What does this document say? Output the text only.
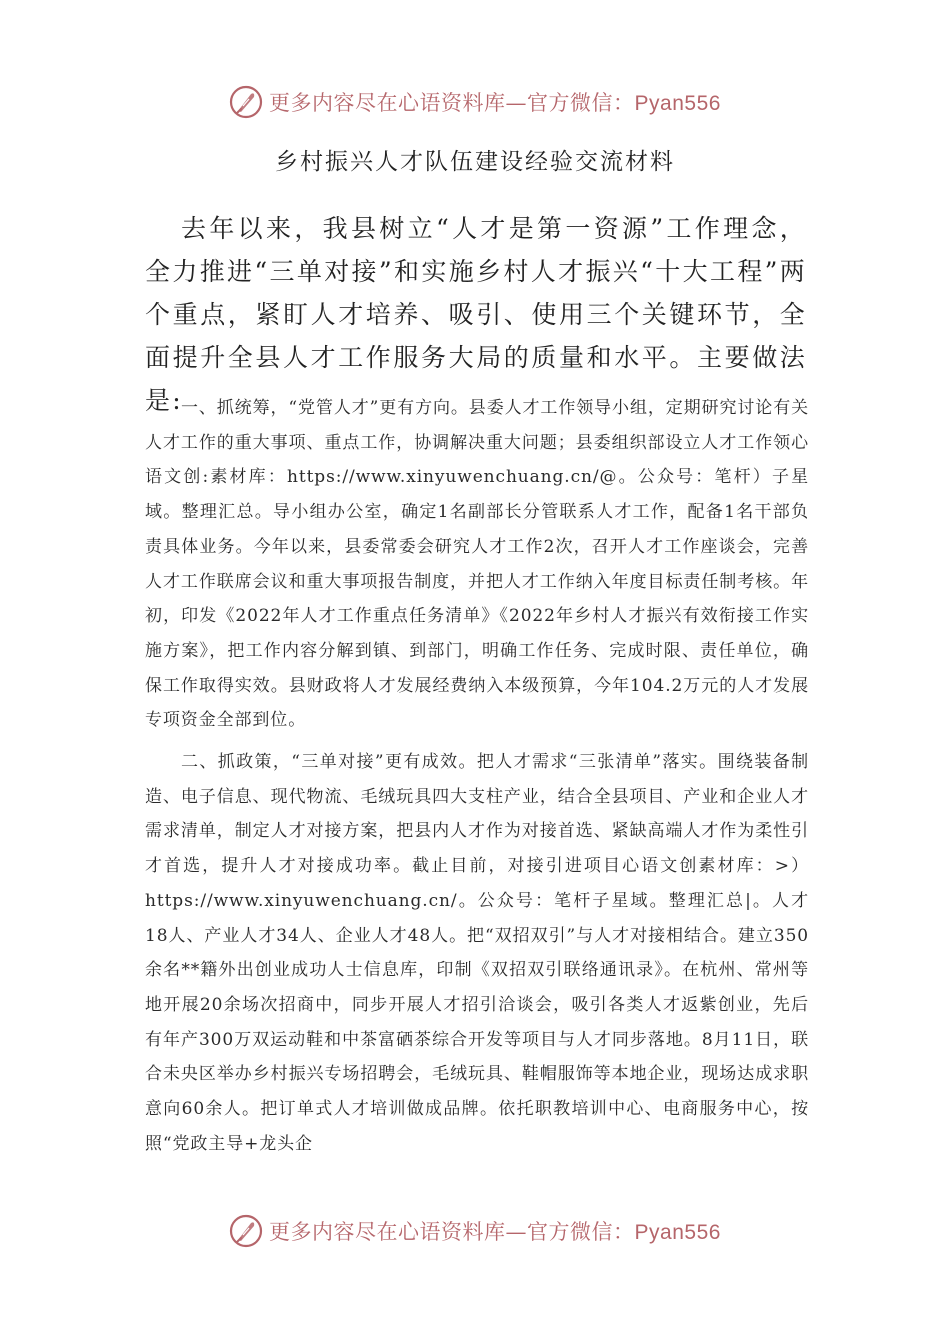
更多内容尽在心语资料库—官方微信：Pyan556
乡村振兴人才队伍建设经验交流材料

去年以来，我县树立“人才是第一资源”工作理念，全力推进“三单对接”和实施乡村人才振兴“十大工程”两个重点，紧盯人才培养、吸引、使用三个关键环节，全面提升全县人才工作服务大局的质量和水平。主要做法是:

一、抓统筹，“党管人才”更有方向。县委人才工作领导小组，定期研究讨论有关人才工作的重大事项、重点工作，协调解决重大问题；县委组织部设立人才工作领心语文创:素材库：https://www.xinyuwenchuang.cn/@。公众号：笔杆）子星域。整理汇总。导小组办公室，确定1名副部长分管联系人才工作，配备1名干部负责具体业务。今年以来，县委常委会研究人才工作2次，召开人才工作座谈会，完善人才工作联席会议和重大事项报告制度，并把人才工作纳入年度目标责任制考核。年初，印发《2022年人才工作重点任务清单》《2022年乡村人才振兴有效衔接工作实施方案》，把工作内容分解到镇、到部门，明确工作任务、完成时限、责任单位，确保工作取得实效。县财政将人才发展经费纳入本级预算，今年104.2万元的人才发展专项资金全部到位。

二、抓政策，“三单对接”更有成效。把人才需求“三张清单”落实。围绕装备制造、电子信息、现代物流、毛绒玩具四大支柱产业，结合全县项目、产业和企业人才需求清单，制定人才对接方案，把县内人才作为对接首选、紧缺高端人才作为柔性引才首选，提升人才对接成功率。截止目前，对接引进项目心语文创素材库：>）https://www.xinyuwenchuang.cn/。公众号：笔杆子星域。整理汇总|。人才18人、产业人才34人、企业人才48人。把“双招双引”与人才对接相结合。建立350余名**籍外出创业成功人士信息库，印制《双招双引联络通讯录》。在杭州、常州等地开展20余场次招商中，同步开展人才招引洽谈会，吸引各类人才返紫创业，先后有年产300万双运动鞋和中茶富硒茶综合开发等项目与人才同步落地。8月11日，联合未央区举办乡村振兴专场招聘会，毛绒玩具、鞋帽服饰等本地企业，现场达成求职意向60余人。把订单式人才培训做成品牌。依托职教培训中心、电商服务中心，按照“党政主导+龙头企

更多内容尽在心语资料库—官方微信：Pyan556
